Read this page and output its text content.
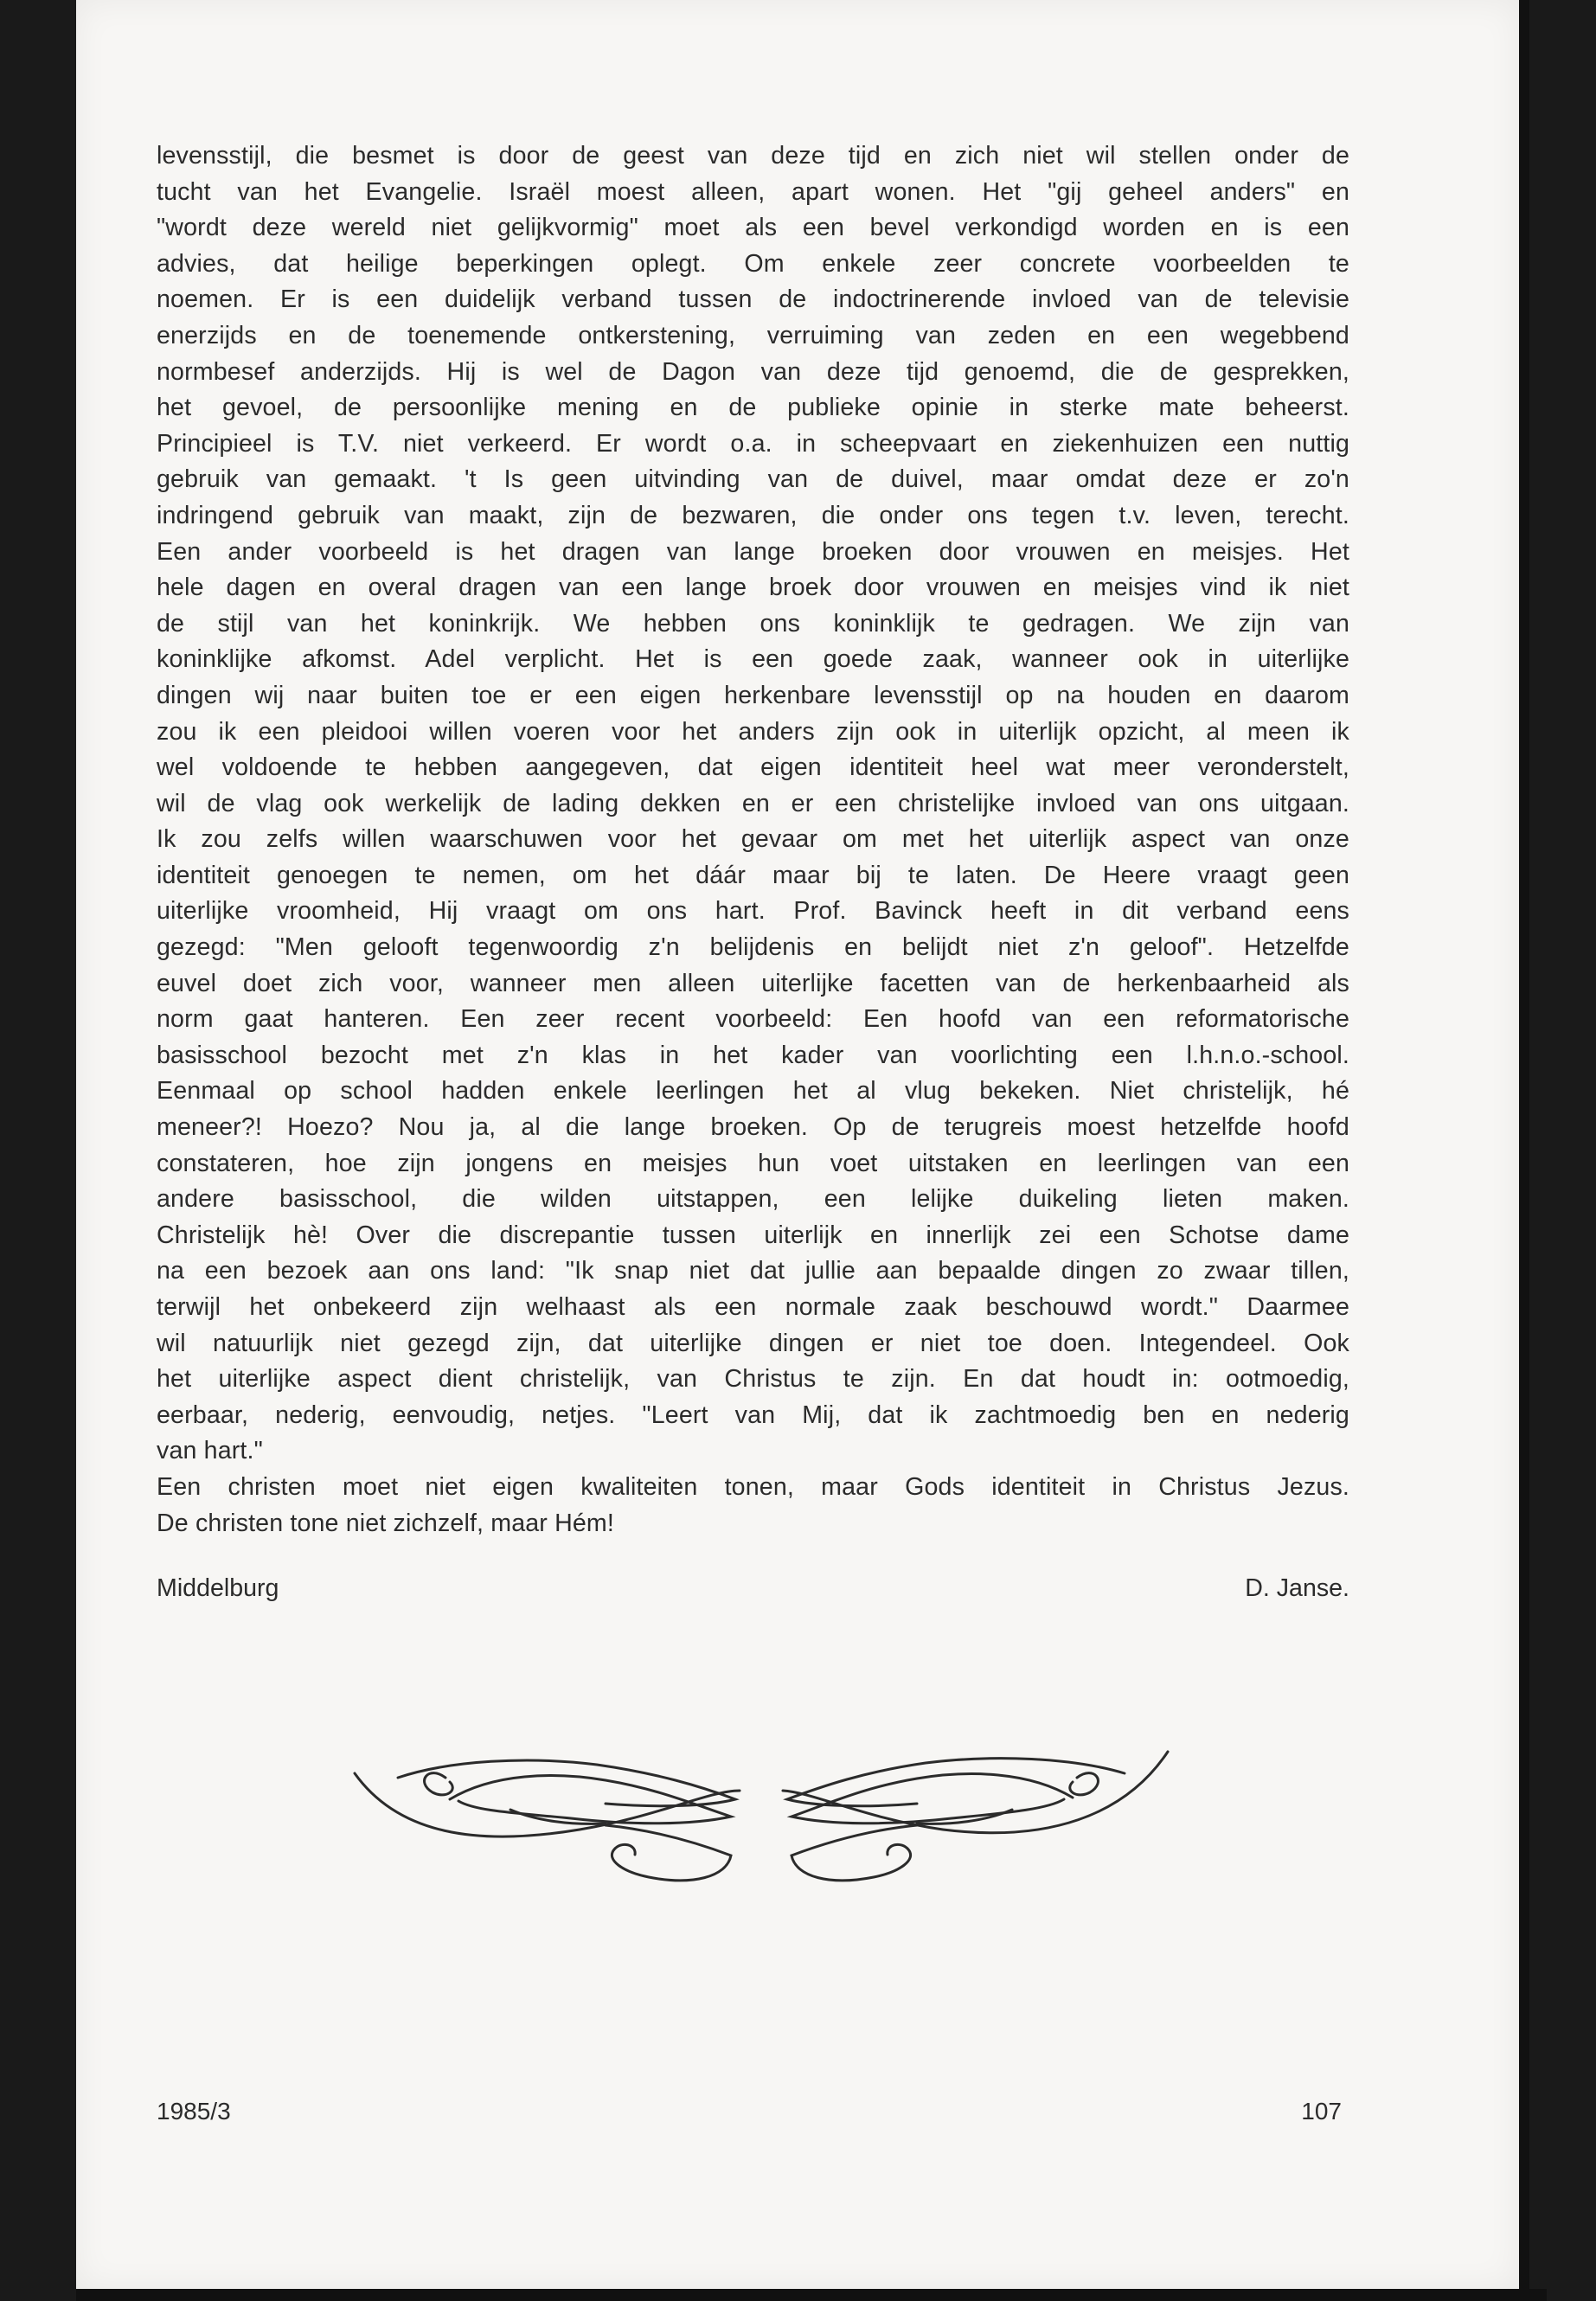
levensstijl, die besmet is door de geest van deze tijd en zich niet wil stellen onder de
tucht van het Evangelie. Israël moest alleen, apart wonen. Het "gij geheel anders" en
"wordt deze wereld niet gelijkvormig" moet als een bevel verkondigd worden en is een
advies, dat heilige beperkingen oplegt. Om enkele zeer concrete voorbeelden te
noemen. Er is een duidelijk verband tussen de indoctrinerende invloed van de televisie
enerzijds en de toenemende ontkerstening, verruiming van zeden en een wegebbend
normbesef anderzijds. Hij is wel de Dagon van deze tijd genoemd, die de gesprekken,
het gevoel, de persoonlijke mening en de publieke opinie in sterke mate beheerst.
Principieel is T.V. niet verkeerd. Er wordt o.a. in scheepvaart en ziekenhuizen een nuttig
gebruik van gemaakt. 't Is geen uitvinding van de duivel, maar omdat deze er zo'n
indringend gebruik van maakt, zijn de bezwaren, die onder ons tegen t.v. leven, terecht.
Een ander voorbeeld is het dragen van lange broeken door vrouwen en meisjes. Het
hele dagen en overal dragen van een lange broek door vrouwen en meisjes vind ik niet
de stijl van het koninkrijk. We hebben ons koninklijk te gedragen. We zijn van
koninklijke afkomst. Adel verplicht. Het is een goede zaak, wanneer ook in uiterlijke
dingen wij naar buiten toe er een eigen herkenbare levensstijl op na houden en daarom
zou ik een pleidooi willen voeren voor het anders zijn ook in uiterlijk opzicht, al meen ik
wel voldoende te hebben aangegeven, dat eigen identiteit heel wat meer veronderstelt,
wil de vlag ook werkelijk de lading dekken en er een christelijke invloed van ons uitgaan.
Ik zou zelfs willen waarschuwen voor het gevaar om met het uiterlijk aspect van onze
identiteit genoegen te nemen, om het dáár maar bij te laten. De Heere vraagt geen
uiterlijke vroomheid, Hij vraagt om ons hart. Prof. Bavinck heeft in dit verband eens
gezegd: "Men gelooft tegenwoordig z'n belijdenis en belijdt niet z'n geloof". Hetzelfde
euvel doet zich voor, wanneer men alleen uiterlijke facetten van de herkenbaarheid als
norm gaat hanteren. Een zeer recent voorbeeld: Een hoofd van een reformatorische
basisschool bezocht met z'n klas in het kader van voorlichting een l.h.n.o.-school.
Eenmaal op school hadden enkele leerlingen het al vlug bekeken. Niet christelijk, hé
meneer?! Hoezo? Nou ja, al die lange broeken. Op de terugreis moest hetzelfde hoofd
constateren, hoe zijn jongens en meisjes hun voet uitstaken en leerlingen van een
andere basisschool, die wilden uitstappen, een lelijke duikeling lieten maken.
Christelijk hè! Over die discrepantie tussen uiterlijk en innerlijk zei een Schotse dame
na een bezoek aan ons land: "Ik snap niet dat jullie aan bepaalde dingen zo zwaar tillen,
terwijl het onbekeerd zijn welhaast als een normale zaak beschouwd wordt." Daarmee
wil natuurlijk niet gezegd zijn, dat uiterlijke dingen er niet toe doen. Integendeel. Ook
het uiterlijke aspect dient christelijk, van Christus te zijn. En dat houdt in: ootmoedig,
eerbaar, nederig, eenvoudig, netjes. "Leert van Mij, dat ik zachtmoedig ben en nederig
van hart."
Een christen moet niet eigen kwaliteiten tonen, maar Gods identiteit in Christus Jezus.
De christen tone niet zichzelf, maar Hém!
Middelburg	D. Janse.
1985/3	107
